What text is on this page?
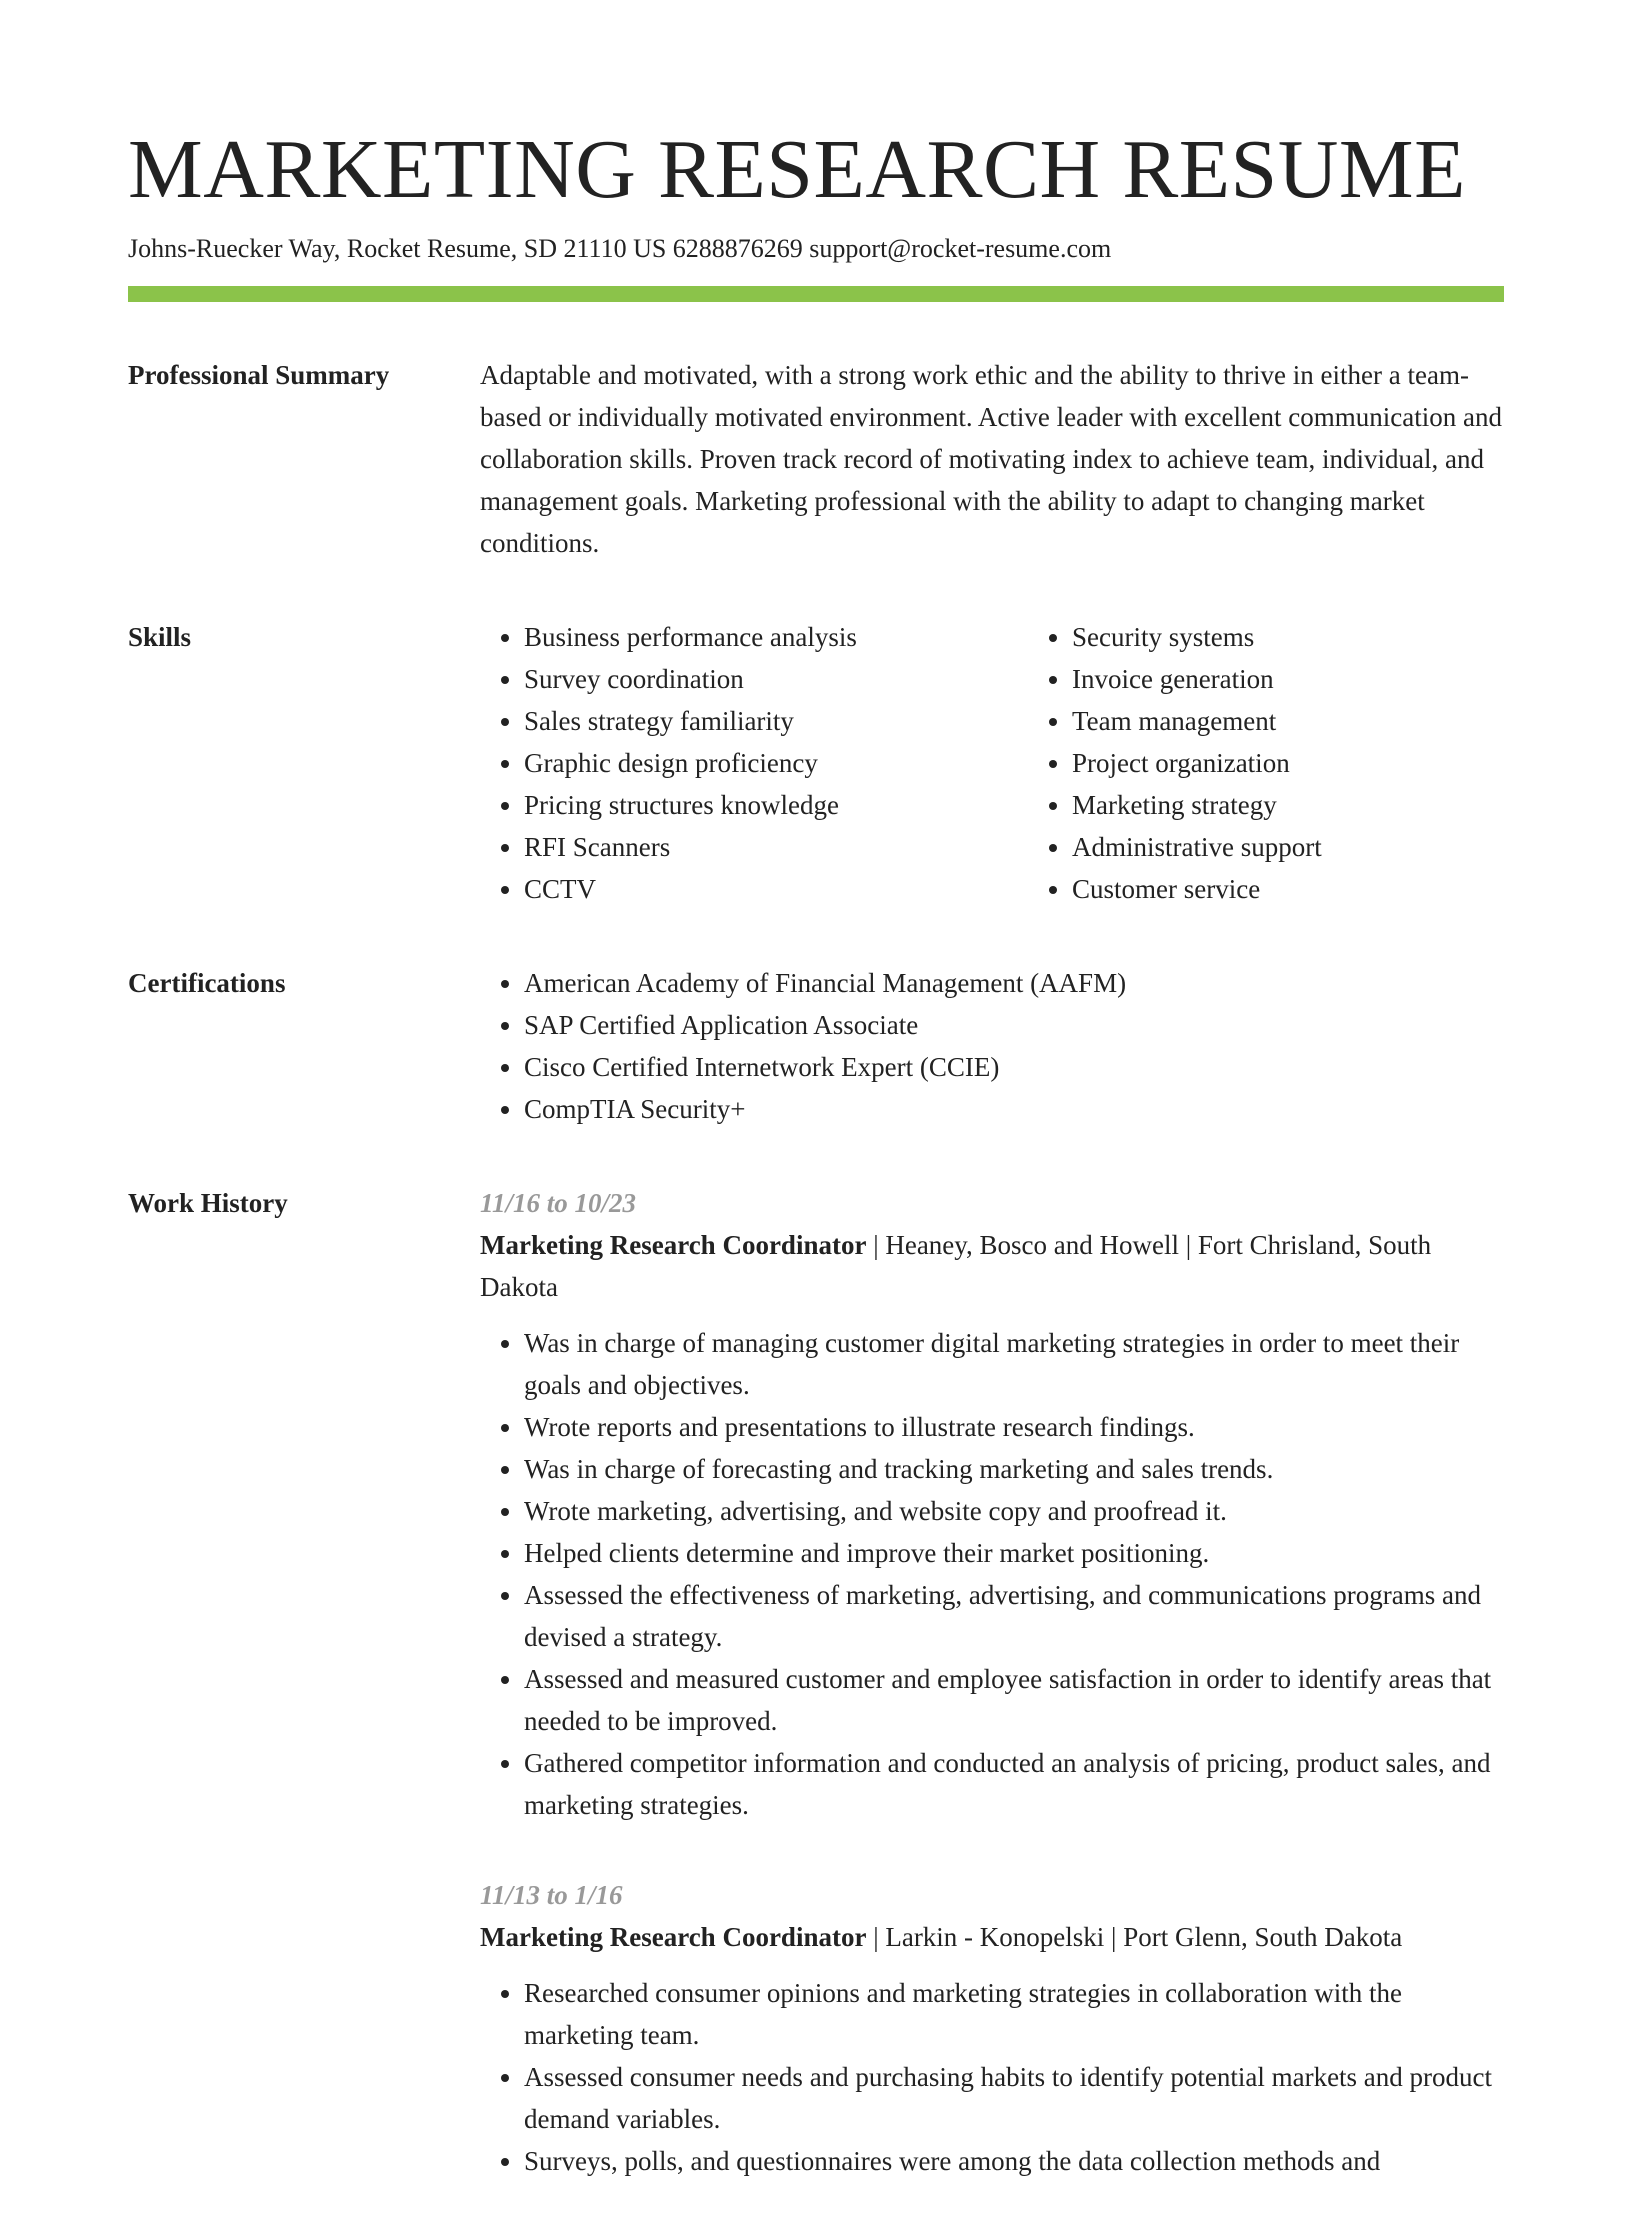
MARKETING RESEARCH RESUME
Johns-Ruecker Way, Rocket Resume, SD 21110 US 6288876269 support@rocket-resume.com
Professional Summary	Adaptable and motivated, with a strong work ethic and the ability to thrive in either a team-based or individually motivated environment. Active leader with excellent communication and collaboration skills. Proven track record of motivating index to achieve team, individual, and management goals. Marketing professional with the ability to adapt to changing market conditions.

Skills	• Business performance analysis
• Survey coordination
• Sales strategy familiarity
• Graphic design proficiency
• Pricing structures knowledge
• RFI Scanners
• CCTV
• Security systems
• Invoice generation
• Team management
• Project organization
• Marketing strategy
• Administrative support
• Customer service
Certifications	• American Academy of Financial Management (AAFM)
• SAP Certified Application Associate
• Cisco Certified Internetwork Expert (CCIE)
• CompTIA Security+
Work History	11/16 to 10/23
Marketing Research Coordinator | Heaney, Bosco and Howell | Fort Chrisland, South Dakota
• Was in charge of managing customer digital marketing strategies in order to meet their goals and objectives.
• Wrote reports and presentations to illustrate research findings.
• Was in charge of forecasting and tracking marketing and sales trends.
• Wrote marketing, advertising, and website copy and proofread it.
• Helped clients determine and improve their market positioning.
• Assessed the effectiveness of marketing, advertising, and communications programs and devised a strategy.
• Assessed and measured customer and employee satisfaction in order to identify areas that needed to be improved.
• Gathered competitor information and conducted an analysis of pricing, product sales, and marketing strategies.
11/13 to 1/16
Marketing Research Coordinator | Larkin - Konopelski | Port Glenn, South Dakota
• Researched consumer opinions and marketing strategies in collaboration with the marketing team.
• Assessed consumer needs and purchasing habits to identify potential markets and product demand variables.
• Surveys, polls, and questionnaires were among the data collection methods and
